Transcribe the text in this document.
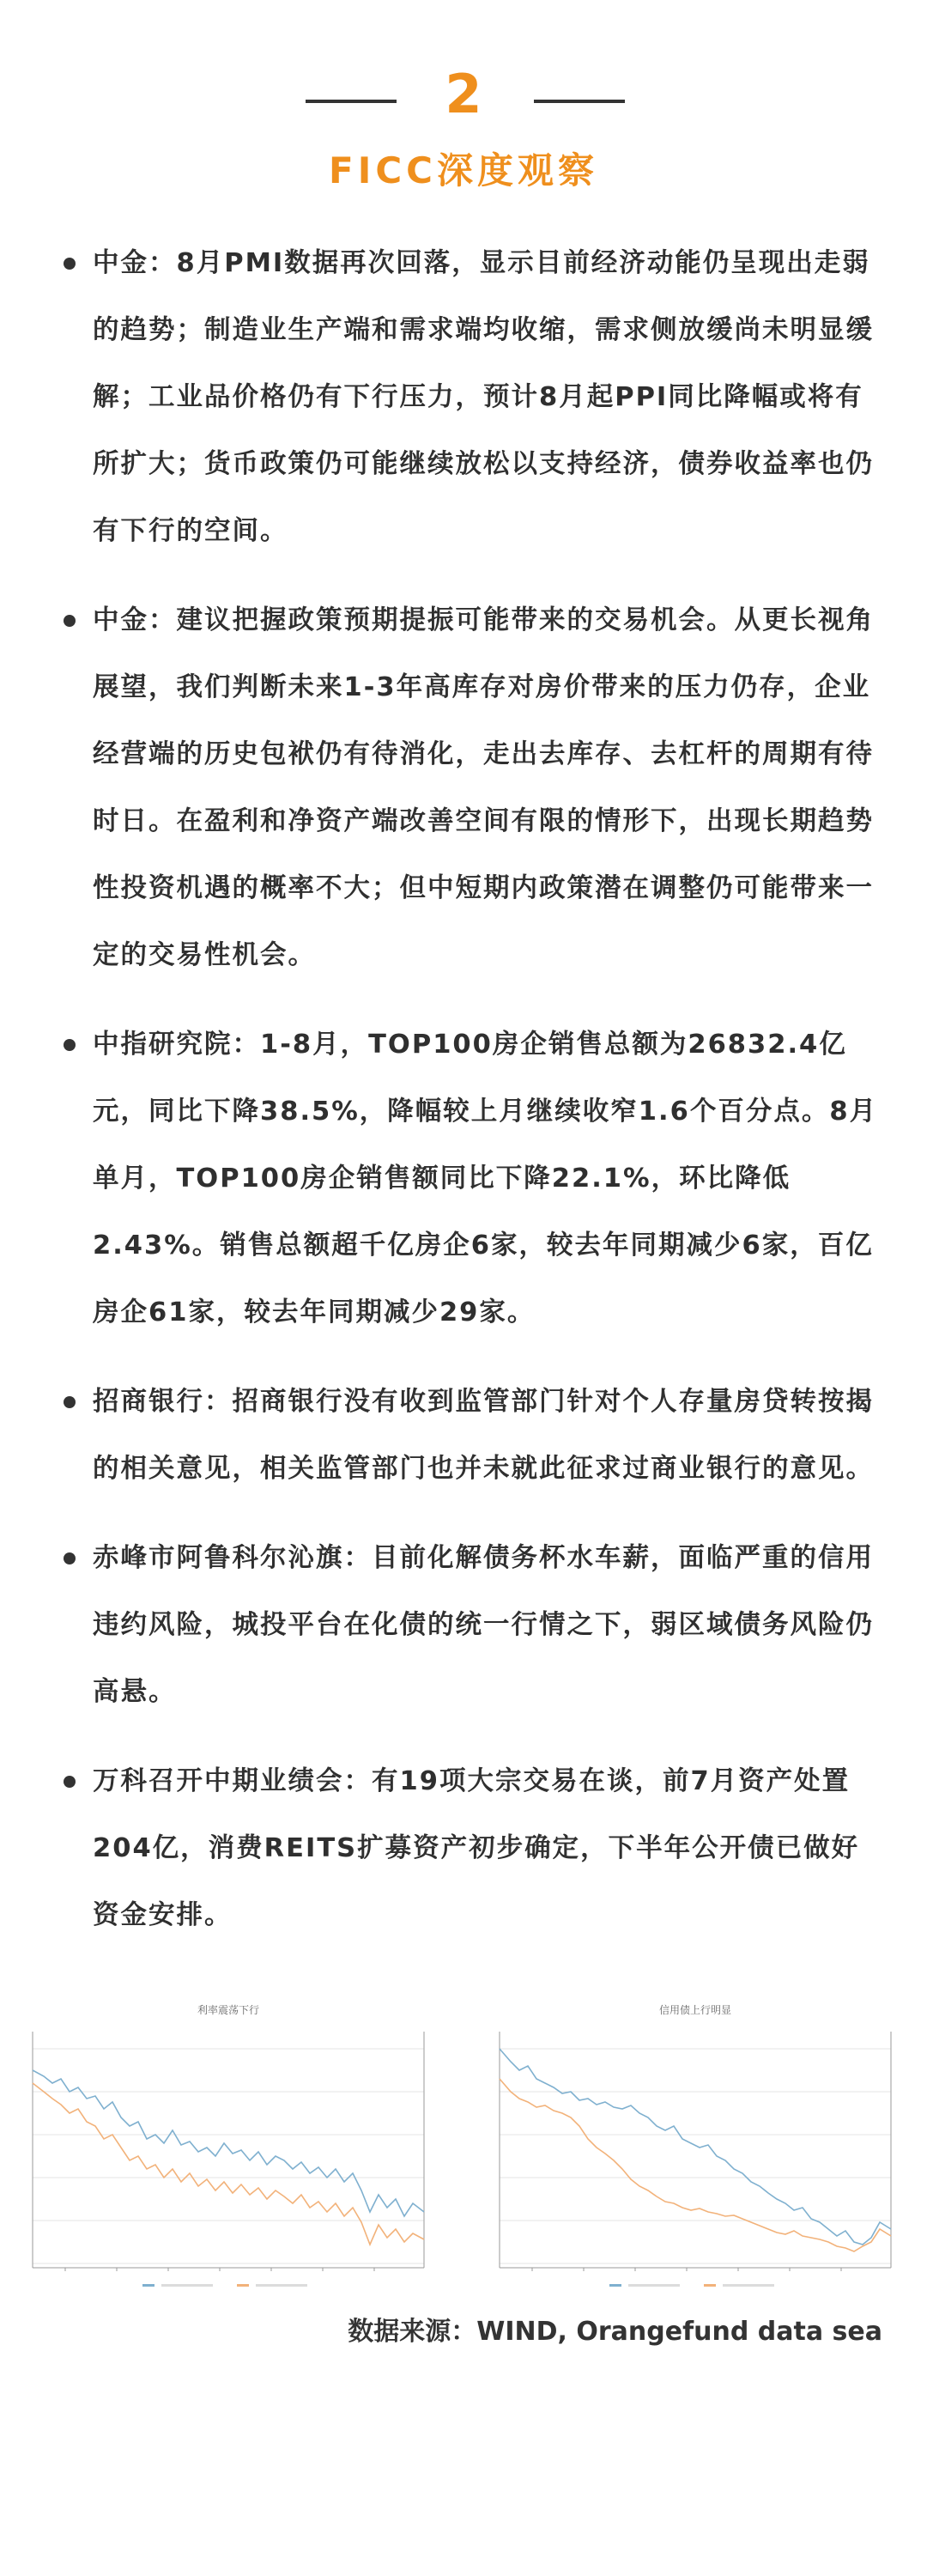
2
FICC深度观察
中金：8月PMI数据再次回落，显示目前经济动能仍呈现出走弱的趋势；制造业生产端和需求端均收缩，需求侧放缓尚未明显缓解；工业品价格仍有下行压力，预计8月起PPI同比降幅或将有所扩大；货币政策仍可能继续放松以支持经济，债券收益率也仍有下行的空间。
中金：建议把握政策预期提振可能带来的交易机会。从更长视角展望，我们判断未来1-3年高库存对房价带来的压力仍存，企业经营端的历史包袱仍有待消化，走出去库存、去杠杆的周期有待时日。在盈利和净资产端改善空间有限的情形下，出现长期趋势性投资机遇的概率不大；但中短期内政策潜在调整仍可能带来一定的交易性机会。
中指研究院：1-8月，TOP100房企销售总额为26832.4亿元，同比下降38.5%，降幅较上月继续收窄1.6个百分点。8月单月，TOP100房企销售额同比下降22.1%，环比降低2.43%。销售总额超千亿房企6家，较去年同期减少6家，百亿房企61家，较去年同期减少29家。
招商银行：招商银行没有收到监管部门针对个人存量房贷转按揭的相关意见，相关监管部门也并未就此征求过商业银行的意见。
赤峰市阿鲁科尔沁旗：目前化解债务杯水车薪，面临严重的信用违约风险，城投平台在化债的统一行情之下，弱区域债务风险仍高悬。
万科召开中期业绩会：有19项大宗交易在谈，前7月资产处置204亿，消费REITS扩募资产初步确定，下半年公开债已做好资金安排。
利率震荡下行	信用债上行明显
数据来源：WIND, Orangefund data sea
